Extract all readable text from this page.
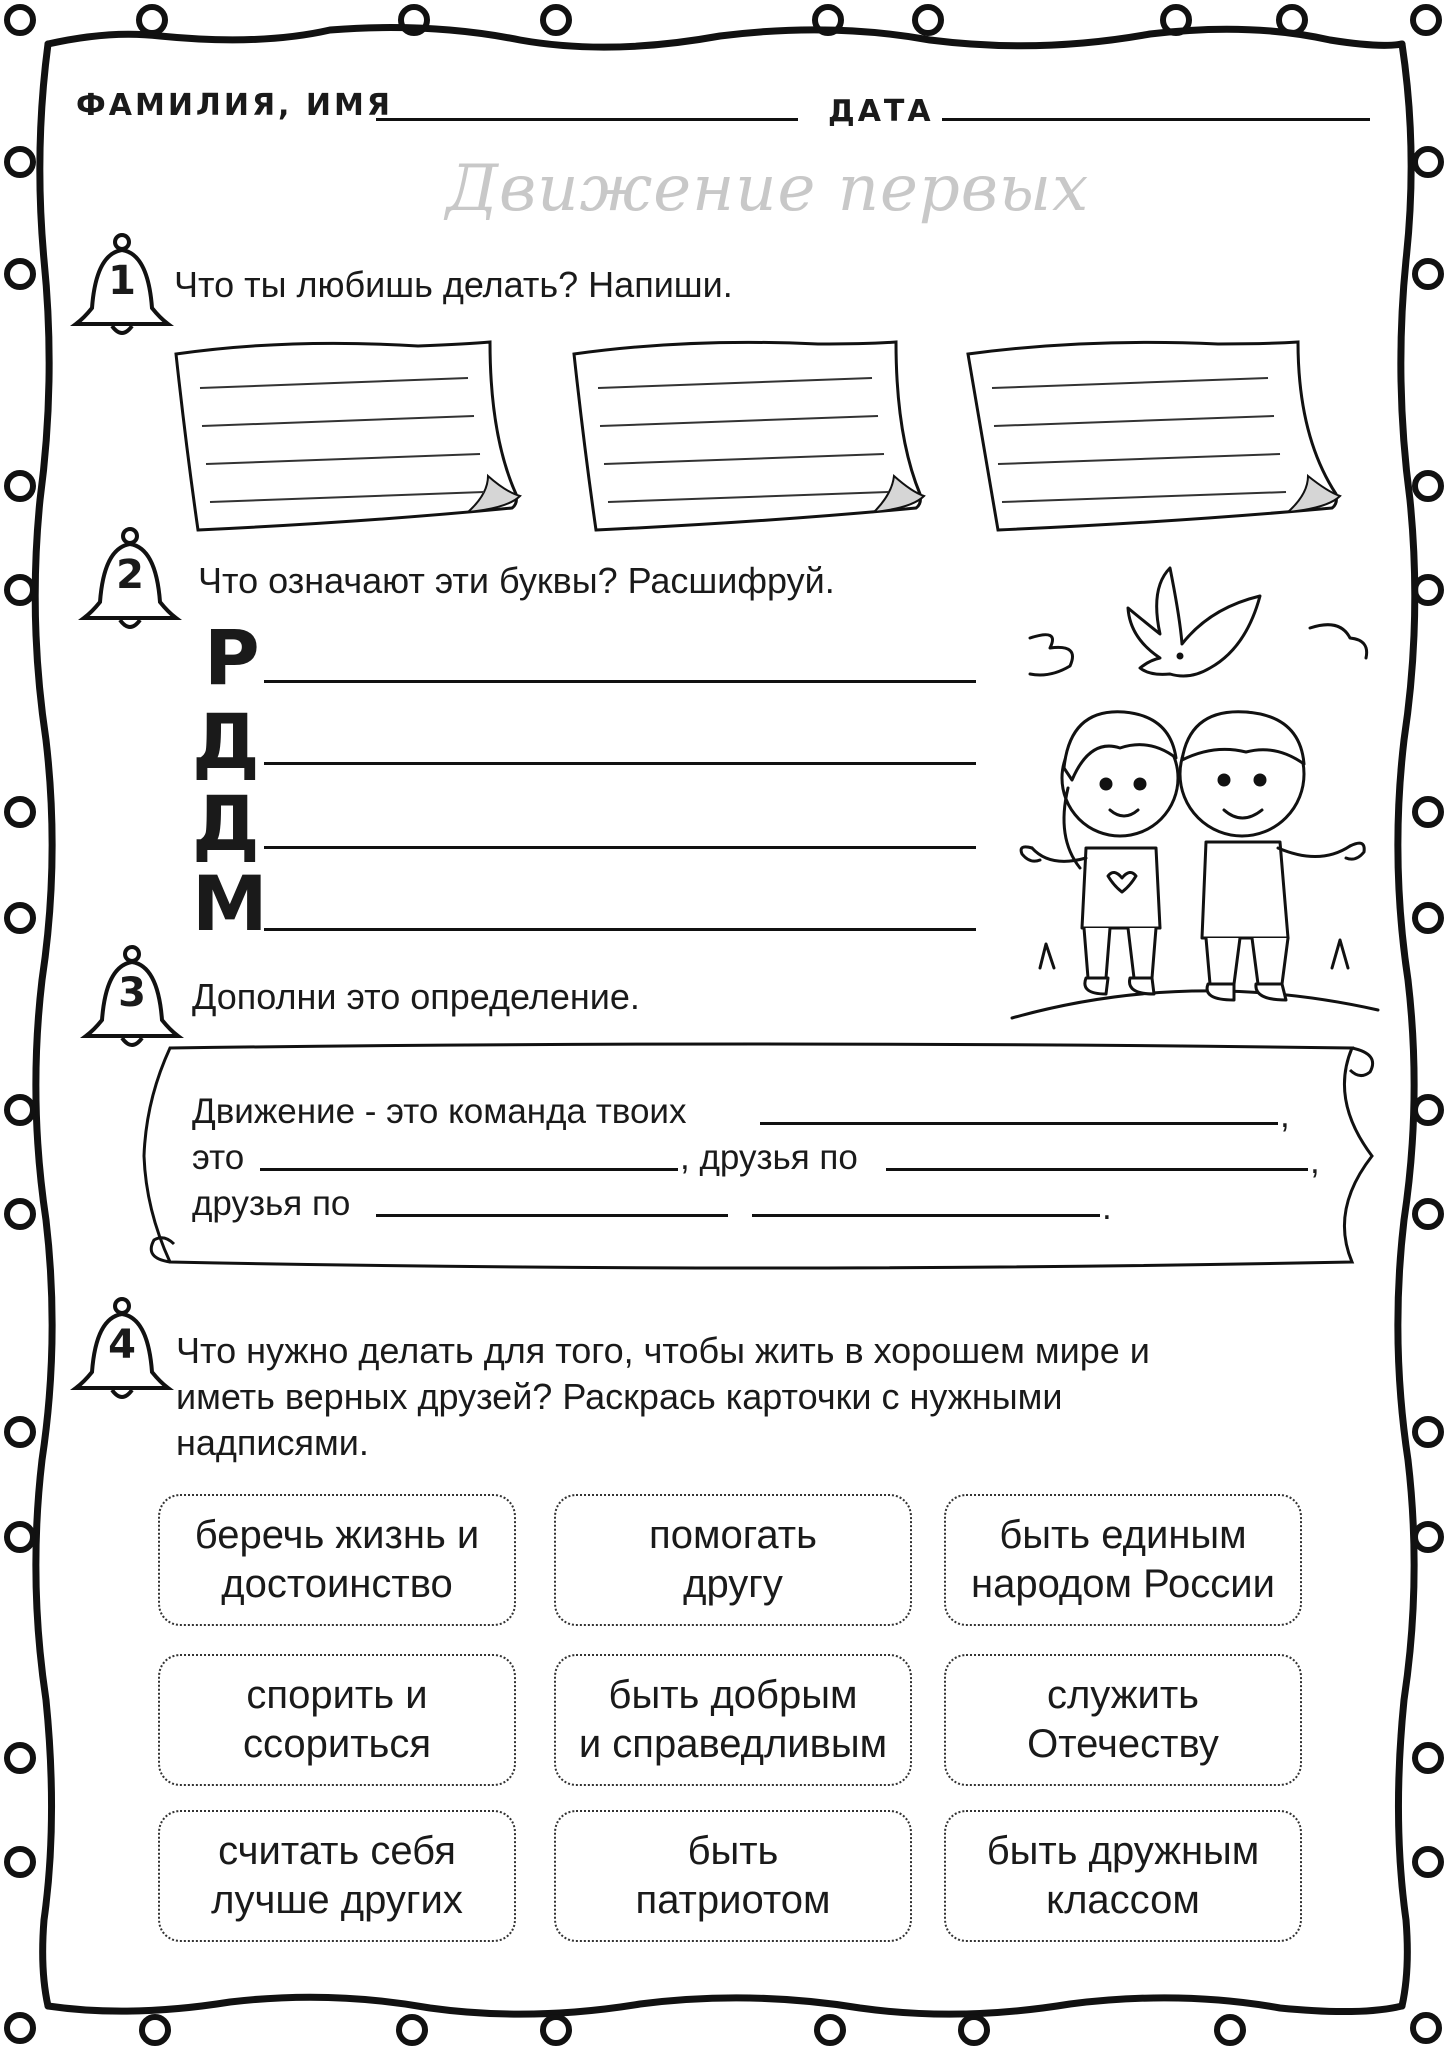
ФАМИЛИЯ, ИМЯ	ДАТА
Движение первых
1	Что ты любишь делать? Напиши.
2	Что означают эти буквы? Расшифруй.
Р
Д
Д
М
3	Дополни это определение.
Движение - это команда твоих	,
это	, друзья по	,
друзья по	.
4	Что нужно делать для того, чтобы жить в хорошем мире и
иметь верных друзей? Раскрась карточки с нужными
надписями.
беречь жизнь и
достоинство
помогать
другу
быть единым
народом России
спорить и
ссориться
быть добрым
и справедливым
служить
Отечеству
считать себя
лучше других
быть
патриотом
быть дружным
классом
